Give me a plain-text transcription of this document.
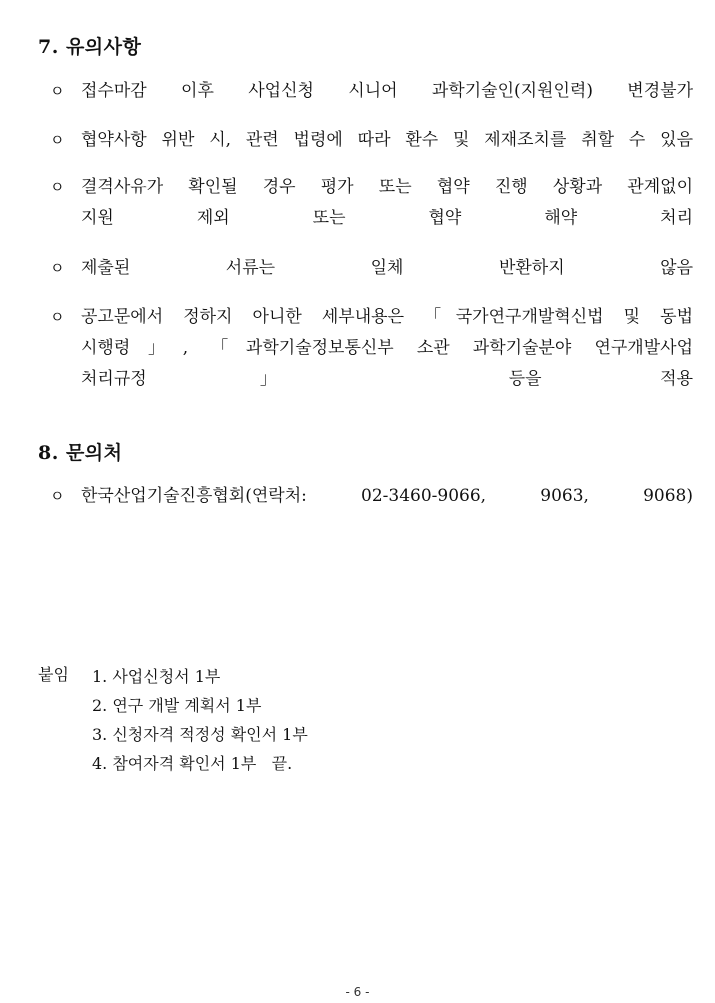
7. 유의사항
ㅇ 접수마감 이후 사업신청 시니어 과학기술인(지원인력) 변경불가
ㅇ 협약사항 위반 시, 관련 법령에 따라 환수 및 제재조치를 취할 수 있음
ㅇ 결격사유가 확인될 경우 평가 또는 협약 진행 상황과 관계없이
지원 제외 또는 협약 해약 처리
ㅇ 제출된 서류는 일체 반환하지 않음
ㅇ 공고문에서 정하지 아니한 세부내용은 「국가연구개발혁신법 및 동법
시행령」, 「과학기술정보통신부 소관 과학기술분야 연구개발사업
처리규정」 등을 적용
8. 문의처
ㅇ 한국산업기술진흥협회(연락처: 02-3460-9066, 9063, 9068)
붙임 1. 사업신청서 1부
2. 연구 개발 계획서 1부
3. 신청자격 적정성 확인서 1부
4. 참여자격 확인서 1부   끝.
- 6 -
